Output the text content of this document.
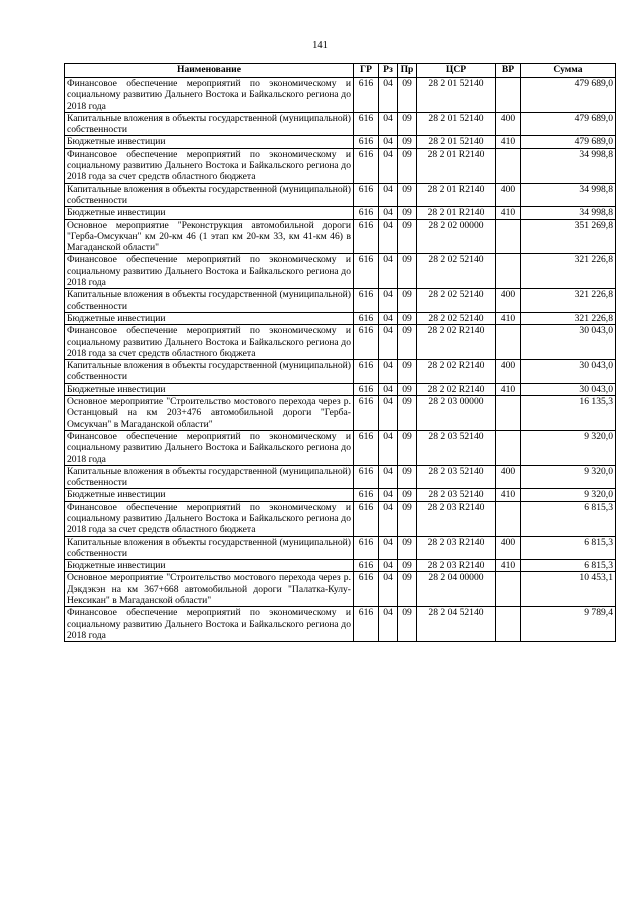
141
Наименование	ГР	Рз	Пр	ЦСР	ВР	Сумма
Финансовое обеспечение мероприятий по экономическому и социальному развитию Дальнего Востока и Байкальского региона до 2018 года	616	04	09	28 2 01 52140		479 689,0
Капитальные вложения в объекты государственной (муниципальной) собственности	616	04	09	28 2 01 52140	400	479 689,0
Бюджетные инвестиции	616	04	09	28 2 01 52140	410	479 689,0
Финансовое обеспечение мероприятий по экономическому и социальному развитию Дальнего Востока и Байкальского региона до 2018 года за счет средств областного бюджета	616	04	09	28 2 01 R2140		34 998,8
Капитальные вложения в объекты государственной (муниципальной) собственности	616	04	09	28 2 01 R2140	400	34 998,8
Бюджетные инвестиции	616	04	09	28 2 01 R2140	410	34 998,8
Основное мероприятие "Реконструкция автомобильной дороги "Герба-Омсукчан" км 20-км 46 (1 этап км 20-км 33, км 41-км 46) в Магаданской области"	616	04	09	28 2 02 00000		351 269,8
Финансовое обеспечение мероприятий по экономическому и социальному развитию Дальнего Востока и Байкальского региона до 2018 года	616	04	09	28 2 02 52140		321 226,8
Капитальные вложения в объекты государственной (муниципальной) собственности	616	04	09	28 2 02 52140	400	321 226,8
Бюджетные инвестиции	616	04	09	28 2 02 52140	410	321 226,8
Финансовое обеспечение мероприятий по экономическому и социальному развитию Дальнего Востока и Байкальского региона до 2018 года за счет средств областного бюджета	616	04	09	28 2 02 R2140		30 043,0
Капитальные вложения в объекты государственной (муниципальной) собственности	616	04	09	28 2 02 R2140	400	30 043,0
Бюджетные инвестиции	616	04	09	28 2 02 R2140	410	30 043,0
Основное мероприятие "Строительство мостового перехода через р. Останцовый на км 203+476 автомобильной дороги "Герба-Омсукчан" в Магаданской области"	616	04	09	28 2 03 00000		16 135,3
Финансовое обеспечение мероприятий по экономическому и социальному развитию Дальнего Востока и Байкальского региона до 2018 года	616	04	09	28 2 03 52140		9 320,0
Капитальные вложения в объекты государственной (муниципальной) собственности	616	04	09	28 2 03 52140	400	9 320,0
Бюджетные инвестиции	616	04	09	28 2 03 52140	410	9 320,0
Финансовое обеспечение мероприятий по экономическому и социальному развитию Дальнего Востока и Байкальского региона до 2018 года за счет средств областного бюджета	616	04	09	28 2 03 R2140		6 815,3
Капитальные вложения в объекты государственной (муниципальной) собственности	616	04	09	28 2 03 R2140	400	6 815,3
Бюджетные инвестиции	616	04	09	28 2 03 R2140	410	6 815,3
Основное мероприятие "Строительство мостового перехода через р. Дэкдэкэн на км 367+668 автомобильной дороги "Палатка-Кулу-Нексикан" в Магаданской области"	616	04	09	28 2 04 00000		10 453,1
Финансовое обеспечение мероприятий по экономическому и социальному развитию Дальнего Востока и Байкальского региона до 2018 года	616	04	09	28 2 04 52140		9 789,4
